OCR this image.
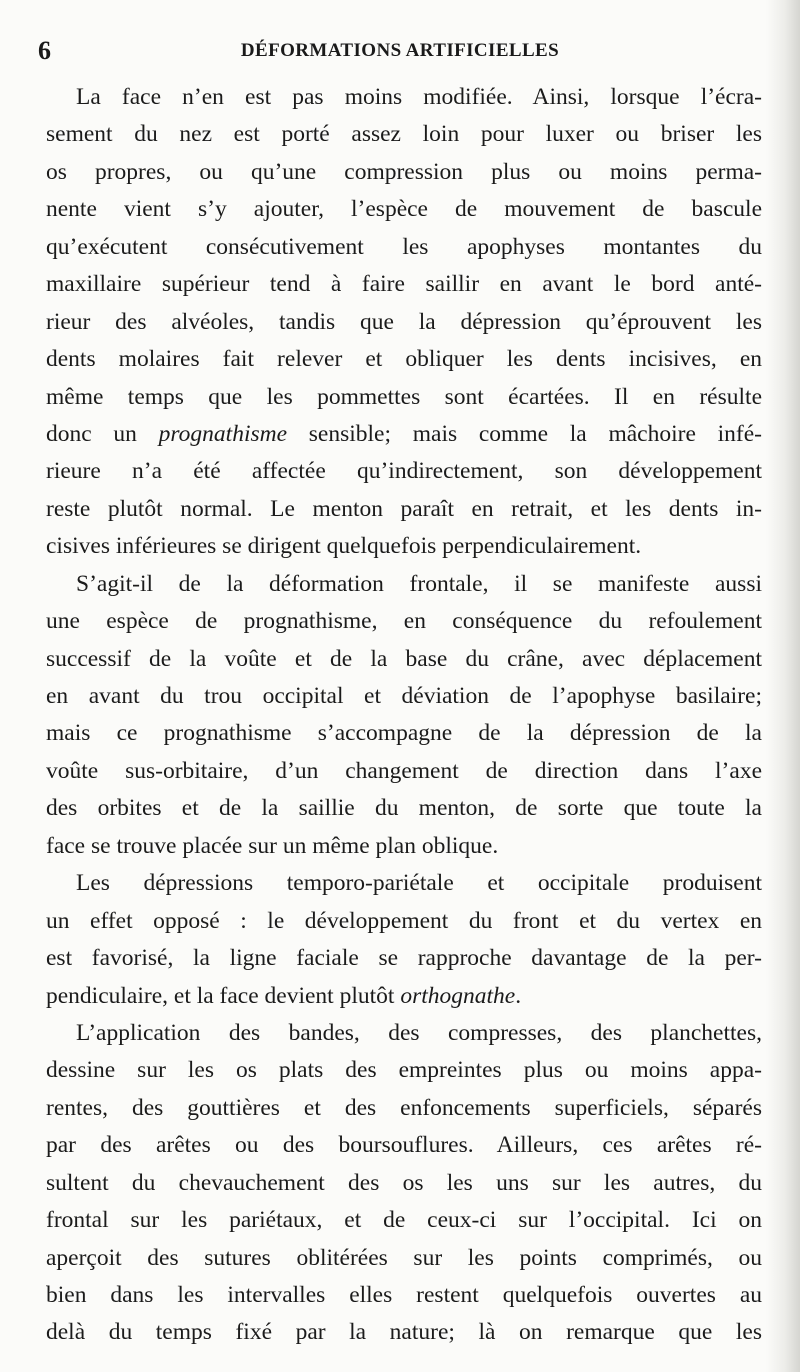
6	DÉFORMATIONS ARTIFICIELLES
La face n’en est pas moins modifiée. Ainsi, lorsque l’écra-
sement du nez est porté assez loin pour luxer ou briser les
os propres, ou qu’une compression plus ou moins perma-
nente vient s’y ajouter, l’espèce de mouvement de bascule
qu’exécutent consécutivement les apophyses montantes du
maxillaire supérieur tend à faire saillir en avant le bord anté-
rieur des alvéoles, tandis que la dépression qu’éprouvent les
dents molaires fait relever et obliquer les dents incisives, en
même temps que les pommettes sont écartées. Il en résulte
donc un prognathisme sensible; mais comme la mâchoire infé-
rieure n’a été affectée qu’indirectement, son développement
reste plutôt normal. Le menton paraît en retrait, et les dents in-
cisives inférieures se dirigent quelquefois perpendiculairement.
S’agit-il de la déformation frontale, il se manifeste aussi
une espèce de prognathisme, en conséquence du refoulement
successif de la voûte et de la base du crâne, avec déplacement
en avant du trou occipital et déviation de l’apophyse basilaire;
mais ce prognathisme s’accompagne de la dépression de la
voûte sus-orbitaire, d’un changement de direction dans l’axe
des orbites et de la saillie du menton, de sorte que toute la
face se trouve placée sur un même plan oblique.
Les dépressions temporo-pariétale et occipitale produisent
un effet opposé : le développement du front et du vertex en
est favorisé, la ligne faciale se rapproche davantage de la per-
pendiculaire, et la face devient plutôt orthognathe.
L’application des bandes, des compresses, des planchettes,
dessine sur les os plats des empreintes plus ou moins appa-
rentes, des gouttières et des enfoncements superficiels, séparés
par des arêtes ou des boursouflures. Ailleurs, ces arêtes ré-
sultent du chevauchement des os les uns sur les autres, du
frontal sur les pariétaux, et de ceux-ci sur l’occipital. Ici on
aperçoit des sutures oblitérées sur les points comprimés, ou
bien dans les intervalles elles restent quelquefois ouvertes au
delà du temps fixé par la nature; là on remarque que les
